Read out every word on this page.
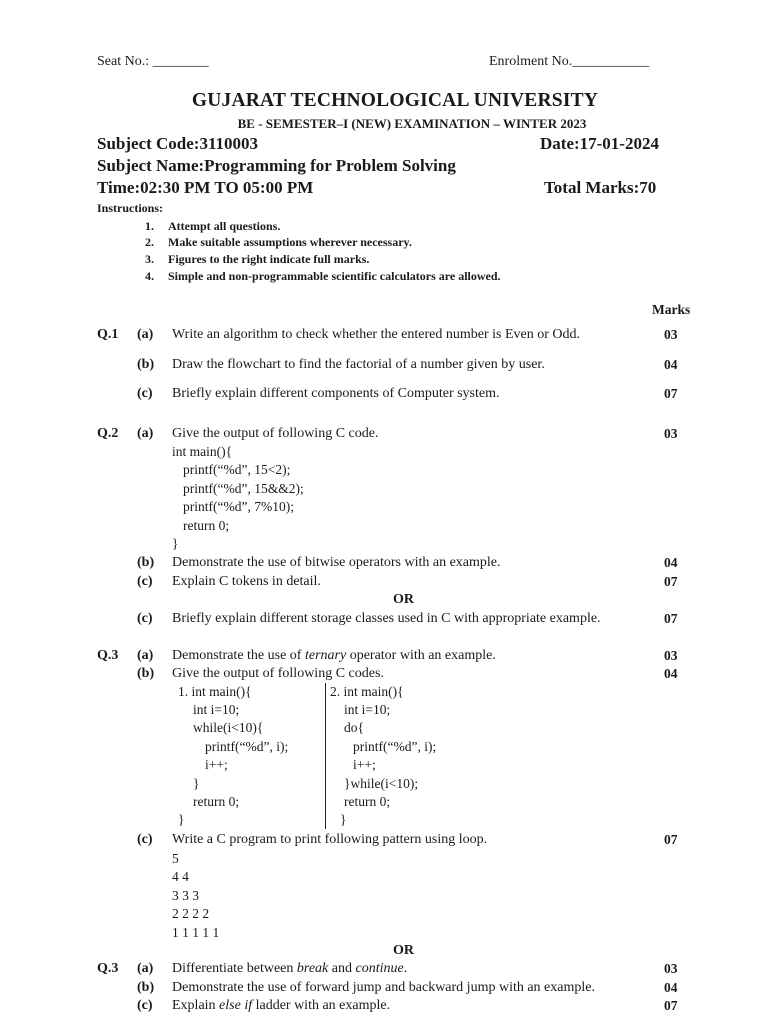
Seat No.: ________	Enrolment No.___________
GUJARAT TECHNOLOGICAL UNIVERSITY
BE - SEMESTER–I (NEW) EXAMINATION – WINTER 2023
Subject Code:3110003	Date:17-01-2024
Subject Name:Programming for Problem Solving
Time:02:30 PM TO 05:00 PM	Total Marks:70
Instructions:
1. Attempt all questions.
2. Make suitable assumptions wherever necessary.
3. Figures to the right indicate full marks.
4. Simple and non-programmable scientific calculators are allowed.
Marks
Q.1 (a) Write an algorithm to check whether the entered number is Even or Odd.	03
(b) Draw the flowchart to find the factorial of a number given by user.	04
(c) Briefly explain different components of Computer system.	07
Q.2 (a) Give the output of following C code.	03
int main(){
printf(“%d”, 15<2);
printf(“%d”, 15&&2);
printf(“%d”, 7%10);
return 0;
}
(b) Demonstrate the use of bitwise operators with an example.	04
(c) Explain C tokens in detail.	07
OR
(c) Briefly explain different storage classes used in C with appropriate example.	07
Q.3 (a) Demonstrate the use of ternary operator with an example.	03
(b) Give the output of following C codes.	04
1. int main(){
int i=10;
while(i<10){
printf(“%d”, i);
i++;
}
return 0;
}
2. int main(){
int i=10;
do{
printf(“%d”, i);
i++;
}while(i<10);
return 0;
}
(c) Write a C program to print following pattern using loop.	07
5
4 4
3 3 3
2 2 2 2
1 1 1 1 1
OR
Q.3 (a) Differentiate between break and continue.	03
(b) Demonstrate the use of forward jump and backward jump with an example.	04
(c) Explain else if ladder with an example.	07
